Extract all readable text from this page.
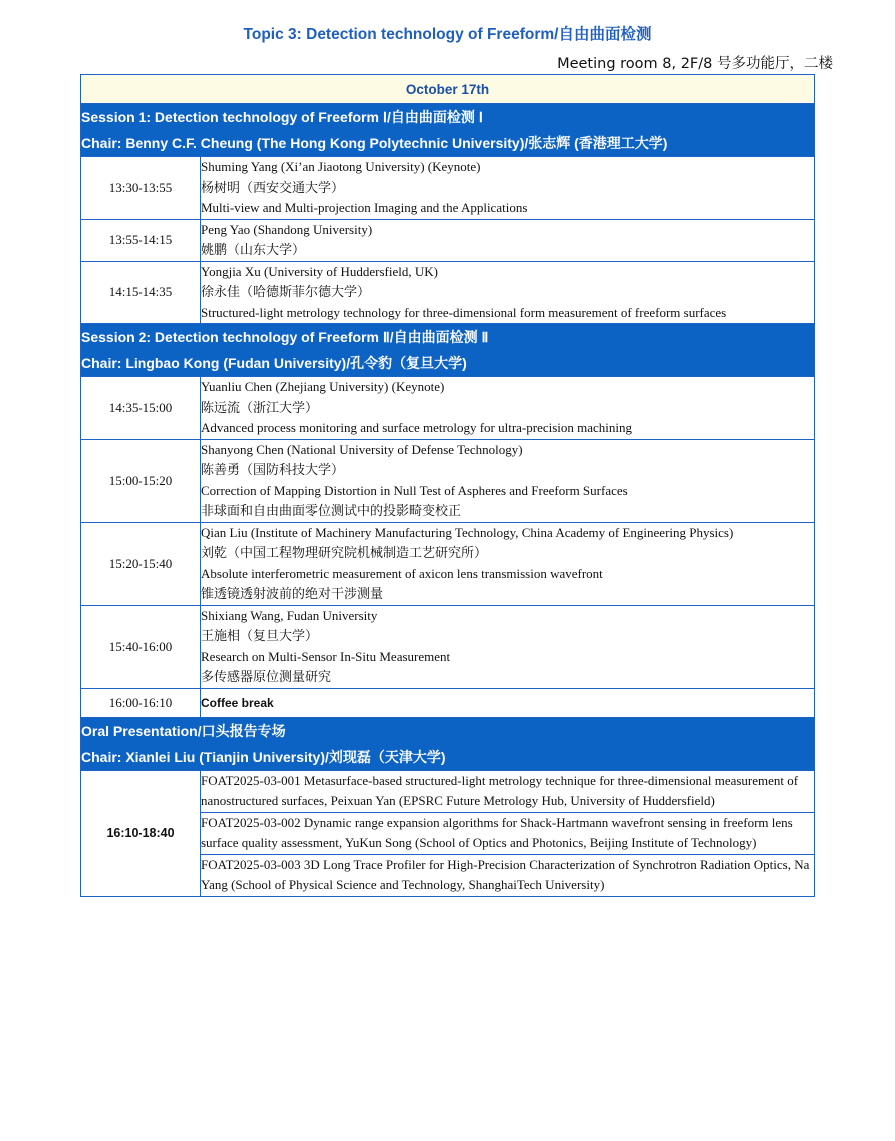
Topic 3: Detection technology of Freeform/自由曲面检测
Meeting room 8, 2F/8 号多功能厅，二楼
October 17th	
Session 1: Detection technology of Freeform Ⅰ/自由曲面检测 Ⅰ	
Chair: Benny C.F. Cheung (The Hong Kong Polytechnic University)/张志辉 (香港理工大学)	
13:30-13:55	Shuming Yang (Xi’an Jiaotong University) (Keynote)
杨树明（西安交通大学）
Multi-view and Multi-projection Imaging and the Applications

13:55-14:15	Peng Yao (Shandong University)
姚鹏（山东大学）

14:15-14:35	Yongjia Xu (University of Huddersfield, UK)
徐永佳（哈德斯菲尔德大学）
Structured-light metrology technology for three-dimensional form measurement of freeform surfaces

Session 2: Detection technology of Freeform Ⅱ/自由曲面检测 Ⅱ	
Chair: Lingbao Kong (Fudan University)/孔令豹（复旦大学)	
14:35-15:00	Yuanliu Chen (Zhejiang University) (Keynote)
陈远流（浙江大学）
Advanced process monitoring and surface metrology for ultra-precision machining

15:00-15:20	Shanyong Chen (National University of Defense Technology)
陈善勇（国防科技大学）
Correction of Mapping Distortion in Null Test of Aspheres and Freeform Surfaces
非球面和自由曲面零位测试中的投影畸变校正

15:20-15:40	Qian Liu (Institute of Machinery Manufacturing Technology, China Academy of Engineering Physics)
刘乾（中国工程物理研究院机械制造工艺研究所）
Absolute interferometric measurement of axicon lens transmission wavefront
锥透镜透射波前的绝对干涉测量

15:40-16:00	Shixiang Wang, Fudan University
王施相（复旦大学）
Research on Multi-Sensor In-Situ Measurement
多传感器原位测量研究

16:00-16:10	Coffee break
Oral Presentation/口头报告专场	
Chair: Xianlei Liu (Tianjin University)/刘现磊（天津大学)	
16:10-18:40	FOAT2025-03-001 Metasurface-based structured-light metrology technique for three-dimensional measurement of nanostructured surfaces, Peixuan Yan (EPSRC Future Metrology Hub, University of Huddersfield)
	FOAT2025-03-002 Dynamic range expansion algorithms for Shack-Hartmann wavefront sensing in freeform lens surface quality assessment, YuKun Song (School of Optics and Photonics, Beijing Institute of Technology)
	FOAT2025-03-003 3D Long Trace Profiler for High-Precision Characterization of Synchrotron Radiation Optics, Na Yang (School of Physical Science and Technology, ShanghaiTech University)
